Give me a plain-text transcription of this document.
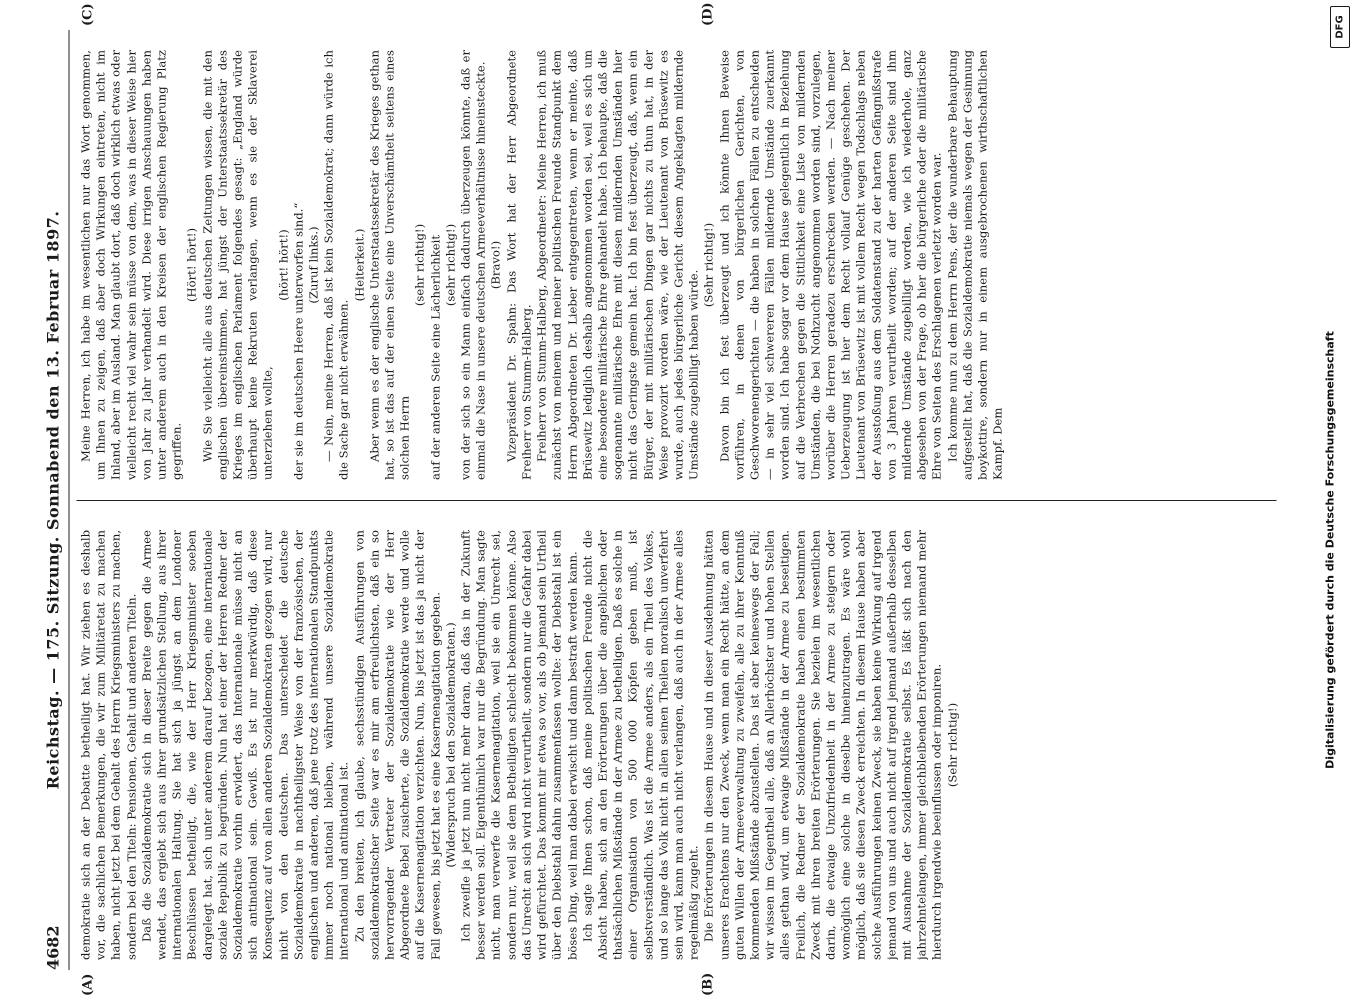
4682
Reichstag. — 175. Sitzung. Sonnabend den 13. Februar 1897.
(A)	(B)
(C)	(D)

demokratie sich an der Debatte betheiligt hat. Wir ziehen es deshalb vor, die sachlichen Bemerkungen, die wir zum Militäretat zu machen haben, nicht jetzt bei dem Gehalt des Herrn Kriegsministers zu machen, sondern bei den Titeln: Pensionen, Gehalt und anderen Titeln. Daß die Sozialdemokratie sich in dieser Breite gegen die Armee wendet, das ergiebt sich aus ihrer grundsätzlichen Stellung, aus ihrer internationalen Haltung. Sie hat sich ja jüngst an dem Londoner Beschlüssen betheiligt, die, wie der Herr Kriegsminister soeben dargelegt hat, sich unter anderem darauf bezogen, eine internationale soziale Republik zu begründen. Nun hat einer der Herren Redner der Sozialdemokratie vorhin erwidert, das Internationale müsse nicht an sich antinational sein. Gewiß. Es ist nur merkwürdig, daß diese Konsequenz auf von allen anderen Sozialdemokraten gezogen wird, nur nicht von den deutschen. Das unterscheidet die deutsche Sozialdemokratie in nachtheiligster Weise von der französischen, der englischen und anderen, daß jene trotz des internationalen Standpunkts immer noch national bleiben, während unsere Sozialdemokratie international und antinational ist. Zu den breiten, ich glaube, sechsstündigen Ausführungen von sozialdemokratischer Seite war es mir am erfreulichsten, daß ein so hervorragender Vertreter der Sozialdemokratie wie der Herr Abgeordnete Bebel zusicherte, die Sozialdemokratie werde und wolle auf die Kasernenagitation verzichten. Nun, bis jetzt ist das ja nicht der Fall gewesen, bis jetzt hat es eine Kasernenagitation gegeben. (Widerspruch bei den Sozialdemokraten.) Ich zweifle ja jetzt nun nicht mehr daran, daß das in der Zukunft besser werden soll. Eigenthümlich war nur die Begründung. Man sagte nicht, man verwerfe die Kasernenagitation, weil sie ein Unrecht sei, sondern nur, weil sie dem Betheiligten schlecht bekommen könne. Also das Unrecht an sich wird nicht verurtheilt, sondern nur die Gefahr dabei wird gefürchtet. Das kommt mir etwa so vor, als ob jemand sein Urtheil über den Diebstahl dahin zusammenfassen wollte: der Diebstahl ist ein böses Ding, weil man dabei erwischt und dann bestraft werden kann. Ich sagte Ihnen schon, daß meine politischen Freunde nicht die Absicht haben, sich an den Erörterungen über die angeblichen oder thatsächlichen Mißstände in der Armee zu betheiligen. Daß es solche in einer Organisation von 500 000 Köpfen geben muß, ist selbstverständlich. Was ist die Armee anders, als ein Theil des Volkes, und so lange das Volk nicht in allen seinen Theilen moralisch unverfehrt sein wird, kann man auch nicht verlangen, daß auch in der Armee alles regelmäßig zugeht. Die Erörterungen in diesem Hause und in dieser Ausdehnung hätten unseres Erachtens nur den Zweck, wenn man ein Recht hätte, an dem guten Willen der Armeeverwaltung zu zweifeln, alle zu ihrer Kenntniß kommenden Mißstände abzustellen. Das ist aber keineswegs der Fall; wir wissen im Gegentheil alle, daß an Allerhöchster und hohen Stellen alles gethan wird, um etwaige Mißstände in der Armee zu beseitigen. Freilich, die Redner der Sozialdemokratie haben einen bestimmten Zweck mit ihren breiten Erörterungen. Sie bezielen im wesentlichen darin, die etwaige Unzufriedenheit in der Armee zu steigern oder womöglich eine solche in dieselbe hineinzutragen. Es wäre wohl möglich, daß sie diesen Zweck erreichten. In diesem Hause haben aber solche Ausführungen keinen Zweck, sie haben keine Wirkung auf irgend jemand von uns und auch nicht auf irgend jemand außerhalb desselben mit Ausnahme der Sozialdemokratie selbst. Es läßt sich nach den jahrzehntelangen, immer gleichbleibenden Erörterungen niemand mehr hierdurch irgendwie beeinflussen oder imponiren. (Sehr richtig!)

Meine Herren, ich habe im wesentlichen nur das Wort genommen, um Ihnen zu zeigen, daß aber doch Wirkungen eintreten, nicht im Inland, aber im Ausland. Man glaubt dort, daß doch wirklich etwas oder vielleicht recht viel wahr sein müsse von dem, was in dieser Weise hier von Jahr zu Jahr verhandelt wird. Diese irrigen Anschauungen haben unter anderem auch in den Kreisen der englischen Regierung Platz gegriffen.

(Hört! hört!) Wie Sie vielleicht alle aus deutschen Zeitungen wissen, die mit den englischen übereinstimmen, hat jüngst der Unterstaatssekretär des Krieges im englischen Parlament folgendes gesagt: „England würde überhaupt keine Rekruten verlangen, wenn es sie der Sklaverei unterziehen wollte,

(hört! hört!) der sie im deutschen Heere unterworfen sind.“ (Zuruf links.) — Nein, meine Herren, daß ist kein Sozialdemokrat; dann würde ich die Sache gar nicht erwähnen.

(Heiterkeit.) Aber wenn es der englische Unterstaatssekretär des Krieges gethan hat, so ist das auf der einen Seite eine Unverschämtheit seitens eines solchen Herrn

(sehr richtig!) auf der anderen Seite eine Lächerlichkeit (sehr richtig!) von der sich so ein Mann einfach dadurch überzeugen könnte, daß er einmal die Nase in unsere deutschen Armeeverhältnisse hineinsteckte. (Bravo!) Vizepräsident Dr. Spahn: Das Wort hat der Herr Abgeordnete Freiherr von Stumm-Halberg. Freiherr von Stumm-Halberg, Abgeordneter: Meine Herren, ich muß zunächst von meinem und meiner politischen Freunde Standpunkt dem Herrn Abgeordneten Dr. Lieber entgegentreten, wenn er meinte, daß Brüsewitz lediglich deshalb angenommen worden sei, weil es sich um eine besondere militärische Ehre gehandelt habe. Ich behaupte, daß die sogenannte militärische Ehre mit diesen mildernden Umständen hier nicht das Geringste gemein hat. Ich bin fest überzeugt, daß, wenn ein Bürger, der mit militärischen Dingen gar nichts zu thun hat, in der Weise provozirt worden wäre, wie der Lieutenant von Brüsewitz es wurde, auch jedes bürgerliche Gericht diesem Angeklagten mildernde Umstände zugebilligt haben würde.

(Sehr richtig!) Davon bin ich fest überzeugt und ich könnte Ihnen Beweise vorführen, in denen von bürgerlichen Gerichten, von Geschworenengerichten — die haben in solchen Fällen zu entscheiden — in sehr viel schwereren Fällen mildernde Umstände zuerkannt worden sind. Ich habe sogar vor dem Hause gelegentlich in Beziehung auf die Verbrechen gegen die Sittlichkeit eine Liste von mildernden Umständen, die bei Nothzucht angenommen worden sind, vorzulegen, worüber die Herren geradezu erschrecken werden. — Nach meiner Ueberzeugung ist hier dem Recht vollauf Genüge geschehen. Der Lieutenant von Brüsewitz ist mit vollem Recht wegen Todschlags neben der Ausstoßung aus dem Soldatenstand zu der harten Gefängnißstrafe von 3 Jahren verurtheilt worden; auf der anderen Seite sind ihm mildernde Umstände zugebilligt worden, wie ich wiederhole, ganz abgesehen von der Frage, ob hier die bürgerliche oder die militärische Ehre von Seiten des Erschlagenen verletzt worden war. Ich komme nun zu dem Herrn Pens, der die wunderbare Behauptung aufgestellt hat, daß die Sozialdemokratie niemals wegen der Gesinnung boykottire, sondern nur in einem ausgebrochenen wirthschaftlichen Kampf. Dem	Digitalisierung gefördert durch die Deutsche Forschungsgemeinschaft
DFG
